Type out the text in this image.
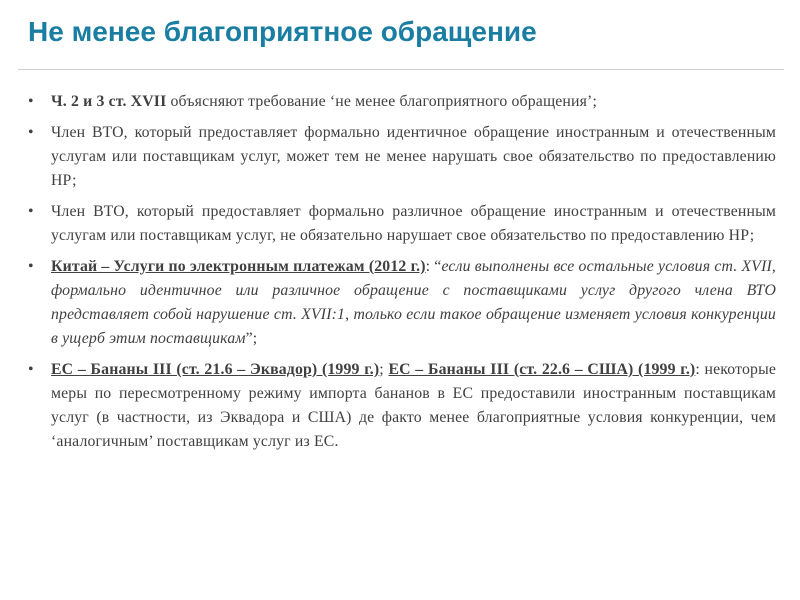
Не менее благоприятное обращение
• Ч. 2 и 3 ст. XVII объясняют требование ‘не менее благоприятного обращения’;
• Член ВТО, который предоставляет формально идентичное обращение иностранным и отечественным услугам или поставщикам услуг, может тем не менее нарушать свое обязательство по предоставлению НР;
• Член ВТО, который предоставляет формально различное обращение иностранным и отечественным услугам или поставщикам услуг, не обязательно нарушает свое обязательство по предоставлению НР;
• Китай – Услуги по электронным платежам (2012 г.): “если выполнены все остальные условия ст. XVII, формально идентичное или различное обращение с поставщиками услуг другого члена ВТО представляет собой нарушение ст. XVII:1, только если такое обращение изменяет условия конкуренции в ущерб этим поставщикам”;
• ЕС – Бананы III (ст. 21.6 – Эквадор) (1999 г.); ЕС – Бананы III (ст. 22.6 – США) (1999 г.): некоторые меры по пересмотренному режиму импорта бананов в ЕС предоставили иностранным поставщикам услуг (в частности, из Эквадора и США) де факто менее благоприятные условия конкуренции, чем ‘аналогичным’ поставщикам услуг из ЕС.
